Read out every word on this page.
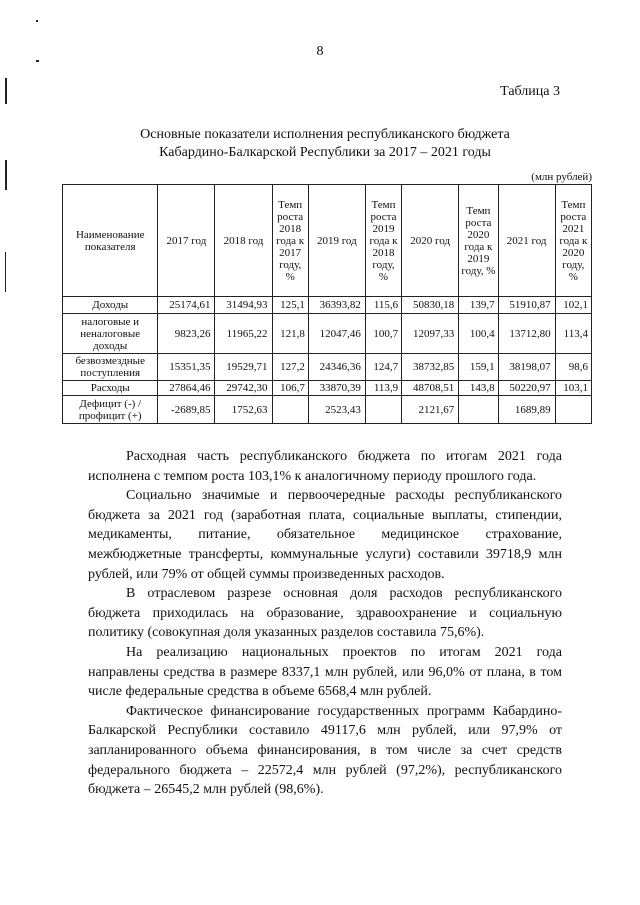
8
Таблица 3
Основные показатели исполнения республиканского бюджета
Кабардино-Балкарской Республики за 2017 – 2021 годы
(млн рублей)
Наименование показателя	2017 год	2018 год	Темп роста 2018 года к 2017 году, %	2019 год	Темп роста 2019 года к 2018 году, %	2020 год	Темп роста 2020 года к 2019 году, %	2021 год	Темп роста 2021 года к 2020 году, %
Доходы	25174,61	31494,93	125,1	36393,82	115,6	50830,18	139,7	51910,87	102,1
налоговые и неналоговые доходы	9823,26	11965,22	121,8	12047,46	100,7	12097,33	100,4	13712,80	113,4
безвозмездные поступления	15351,35	19529,71	127,2	24346,36	124,7	38732,85	159,1	38198,07	98,6
Расходы	27864,46	29742,30	106,7	33870,39	113,9	48708,51	143,8	50220,97	103,1
Дефицит (-) / профицит (+)	-2689,85	1752,63		2523,43		2121,67		1689,89	

Расходная часть республиканского бюджета по итогам 2021 года исполнена с темпом роста 103,1% к аналогичному периоду прошлого года.

Социально значимые и первоочередные расходы республиканского бюджета за 2021 год (заработная плата, социальные выплаты, стипендии, медикаменты, питание, обязательное медицинское страхование, межбюджетные трансферты, коммунальные услуги) составили 39718,9 млн рублей, или 79% от общей суммы произведенных расходов.

В отраслевом разрезе основная доля расходов республиканского бюджета приходилась на образование, здравоохранение и социальную политику (совокупная доля указанных разделов составила 75,6%).

На реализацию национальных проектов по итогам 2021 года направлены средства в размере 8337,1 млн рублей, или 96,0% от плана, в том числе федеральные средства в объеме 6568,4 млн рублей.

Фактическое финансирование государственных программ Кабардино-Балкарской Республики составило 49117,6 млн рублей, или 97,9% от запланированного объема финансирования, в том числе за счет средств федерального бюджета – 22572,4 млн рублей (97,2%), республиканского бюджета – 26545,2 млн рублей (98,6%).
